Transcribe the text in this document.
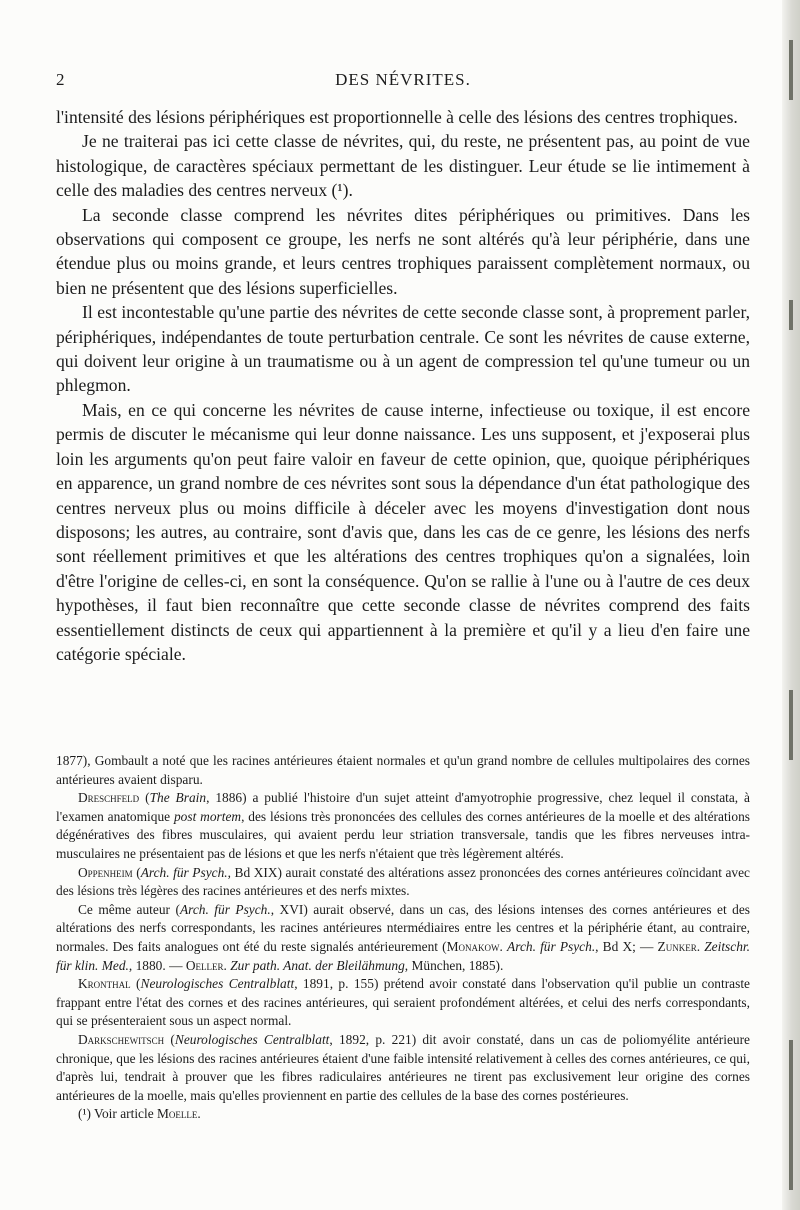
2	DES NÉVRITES.

l'intensité des lésions périphériques est proportionnelle à celle des lésions des centres trophiques.

Je ne traiterai pas ici cette classe de névrites, qui, du reste, ne présentent pas, au point de vue histologique, de caractères spéciaux permettant de les distinguer. Leur étude se lie intimement à celle des maladies des centres nerveux (¹).

La seconde classe comprend les névrites dites périphériques ou primitives. Dans les observations qui composent ce groupe, les nerfs ne sont altérés qu'à leur périphérie, dans une étendue plus ou moins grande, et leurs centres trophiques paraissent complètement normaux, ou bien ne présentent que des lésions superficielles.

Il est incontestable qu'une partie des névrites de cette seconde classe sont, à proprement parler, périphériques, indépendantes de toute perturbation centrale. Ce sont les névrites de cause externe, qui doivent leur origine à un traumatisme ou à un agent de compression tel qu'une tumeur ou un phlegmon.

Mais, en ce qui concerne les névrites de cause interne, infectieuse ou toxique, il est encore permis de discuter le mécanisme qui leur donne naissance. Les uns supposent, et j'exposerai plus loin les arguments qu'on peut faire valoir en faveur de cette opinion, que, quoique périphériques en apparence, un grand nombre de ces névrites sont sous la dépendance d'un état pathologique des centres nerveux plus ou moins difficile à déceler avec les moyens d'investigation dont nous disposons; les autres, au contraire, sont d'avis que, dans les cas de ce genre, les lésions des nerfs sont réellement primitives et que les altérations des centres trophiques qu'on a signalées, loin d'être l'origine de celles-ci, en sont la conséquence. Qu'on se rallie à l'une ou à l'autre de ces deux hypothèses, il faut bien reconnaître que cette seconde classe de névrites comprend des faits essentiellement distincts de ceux qui appartiennent à la première et qu'il y a lieu d'en faire une catégorie spéciale.

1877), Gombault a noté que les racines antérieures étaient normales et qu'un grand nombre de cellules multipolaires des cornes antérieures avaient disparu.

Dreschfeld (The Brain, 1886) a publié l'histoire d'un sujet atteint d'amyotrophie progressive, chez lequel il constata, à l'examen anatomique post mortem, des lésions très prononcées des cellules des cornes antérieures de la moelle et des altérations dégénératives des fibres musculaires, qui avaient perdu leur striation transversale, tandis que les fibres nerveuses intra-musculaires ne présentaient pas de lésions et que les nerfs n'étaient que très légèrement altérés.

Oppenheim (Arch. für Psych., Bd XIX) aurait constaté des altérations assez prononcées des cornes antérieures coïncidant avec des lésions très légères des racines antérieures et des nerfs mixtes.

Ce même auteur (Arch. für Psych., XVI) aurait observé, dans un cas, des lésions intenses des cornes antérieures et des altérations des nerfs correspondants, les racines antérieures ntermédiaires entre les centres et la périphérie étant, au contraire, normales. Des faits analogues ont été du reste signalés antérieurement (Monakow. Arch. für Psych., Bd X; — Zunker. Zeitschr. für klin. Med., 1880. — Oeller. Zur path. Anat. der Bleilähmung, München, 1885).

Kronthal (Neurologisches Centralblatt, 1891, p. 155) prétend avoir constaté dans l'observation qu'il publie un contraste frappant entre l'état des cornes et des racines antérieures, qui seraient profondément altérées, et celui des nerfs correspondants, qui se présenteraient sous un aspect normal.

Darkschewitsch (Neurologisches Centralblatt, 1892, p. 221) dit avoir constaté, dans un cas de poliomyélite antérieure chronique, que les lésions des racines antérieures étaient d'une faible intensité relativement à celles des cornes antérieures, ce qui, d'après lui, tendrait à prouver que les fibres radiculaires antérieures ne tirent pas exclusivement leur origine des cornes antérieures de la moelle, mais qu'elles proviennent en partie des cellules de la base des cornes postérieures.

(¹) Voir article Moelle.
